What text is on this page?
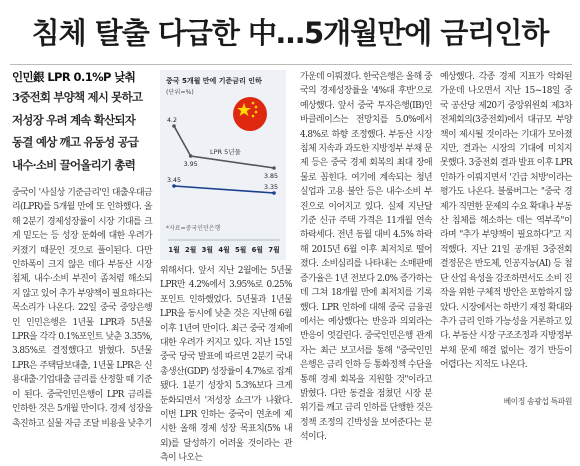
침체 탈출 다급한 中…5개월만에 금리인하
인민銀 LPR 0.1%P 낮춰
3중전회 부양책 제시 못하고
저성장 우려 계속 확산되자
동결 예상 깨고 유동성 공급
내수·소비 끌어올리기 총력
중국 5개월 만에 기준금리 인하
(단위=%)
LPR 5년물
*자료=중국인민은행
4.2
3.95
3.85
3.45
3.35
1월 2월 3월 4월 5월 6월 7월

중국이 '사실상 기준금리'인 대출우대금리(LPR)를 5개월 만에 또 인하했다. 올해 2분기 경제성장률이 시장 기대를 크게 밑도는 등 성장 둔화에 대한 우려가 커졌기 때문인 것으로 풀이된다. 다만 인하폭이 크지 않은 데다 부동산 시장 침체, 내수·소비 부진이 좀처럼 해소되지 않고 있어 추가 부양책이 필요하다는 목소리가 나온다. 22일 중국 중앙은행인 인민은행은 1년물 LPR과 5년물 LPR을 각각 0.1%포인트 낮춘 3.35%, 3.85%로 결정했다고 밝혔다. 5년물 LPR은 주택담보대출, 1년물 LPR은 신용대출·기업대출 금리를 산정할 때 기준이 된다. 중국인민은행이 LPR 금리를 인하한 것은 5개월 만이다. 경제 성장을 촉진하고 실물 자금 조달 비용을 낮추기

위해서다. 앞서 지난 2월에는 5년물 LPR만 4.2%에서 3.95%로 0.25%포인트 인하했었다. 5년물과 1년물 LPR을 동시에 낮춘 것은 지난해 6월 이후 1년여 만이다. 최근 중국 경제에 대한 우려가 커지고 있다. 지난 15일 중국 당국 발표에 따르면 2분기 국내총생산(GDP) 성장률이 4.7%로 집계됐다. 1분기 성장치 5.3%보다 크게 둔화되면서 '저성장 쇼크'가 나왔다. 이번 LPR 인하는 중국이 연초에 제시한 올해 경제 성장 목표치(5% 내외)를 달성하기 어려울 것이라는 관측이 나오는

가운데 이뤄졌다. 한국은행은 올해 중국의 경제성장률을 '4%대 후반'으로 예상했다. 앞서 중국 투자은행(IB)인 바클레이스는 전망치를 5.0%에서 4.8%로 하향 조정했다. 부동산 시장 침체 지속과 과도한 지방정부 부채 문제 등은 중국 경제 회복의 최대 장애물로 꼽힌다. 여기에 계속되는 청년 실업과 고용 불안 등은 내수·소비 부진으로 이어지고 있다. 실제 지난달 기준 신규 주택 가격은 11개월 연속 하락세다. 전년 동월 대비 4.5% 하락해 2015년 6월 이후 최저치로 떨어졌다. 소비심리를 나타내는 소매판매 증가율은 1년 전보다 2.0% 증가하는 데 그쳐 18개월 만에 최저치를 기록했다. LPR 인하에 대해 중국 금융권에서는 예상했다는 반응과 의외라는 반응이 엇갈린다. 중국인민은행 관계자는 최근 보고서를 통해 "중국인민은행은 금리 인하 등 통화정책 수단을 통해 경제 회복을 지원할 것"이라고 밝혔다. 다만 동결을 점쳤던 시장 분위기를 깨고 금리 인하를 단행한 것은 정책 조정의 긴박성을 보여준다는 분석이다.

예상했다. 각종 경제 지표가 악화된 가운데 나오면서 지난 15~18일 중국 공산당 제20기 중앙위원회 제3차 전체회의(3중전회)에서 대규모 부양책이 제시될 것이라는 기대가 모아졌지만, 결과는 시장의 기대에 미치지 못했다. 3중전회 결과 발표 이후 LPR 인하가 이뤄지면서 '긴급 처방'이라는 평가도 나온다. 블룸버그는 "중국 경제가 직면한 문제의 수요 확대나 부동산 침체를 해소하는 데는 역부족"이라며 "추가 부양책이 필요하다"고 지적했다. 지난 21일 공개된 3중전회 결정문은 반도체, 인공지능(AI) 등 첨단 산업 육성을 강조하면서도 소비 진작을 위한 구체적 방안은 포함하지 않았다. 시장에서는 하반기 재정 확대와 추가 금리 인하 가능성을 거론하고 있다. 부동산 시장 구조조정과 지방정부 부채 문제 해결 없이는 경기 반등이 어렵다는 지적도 나온다.

베이징 송광섭 특파원
